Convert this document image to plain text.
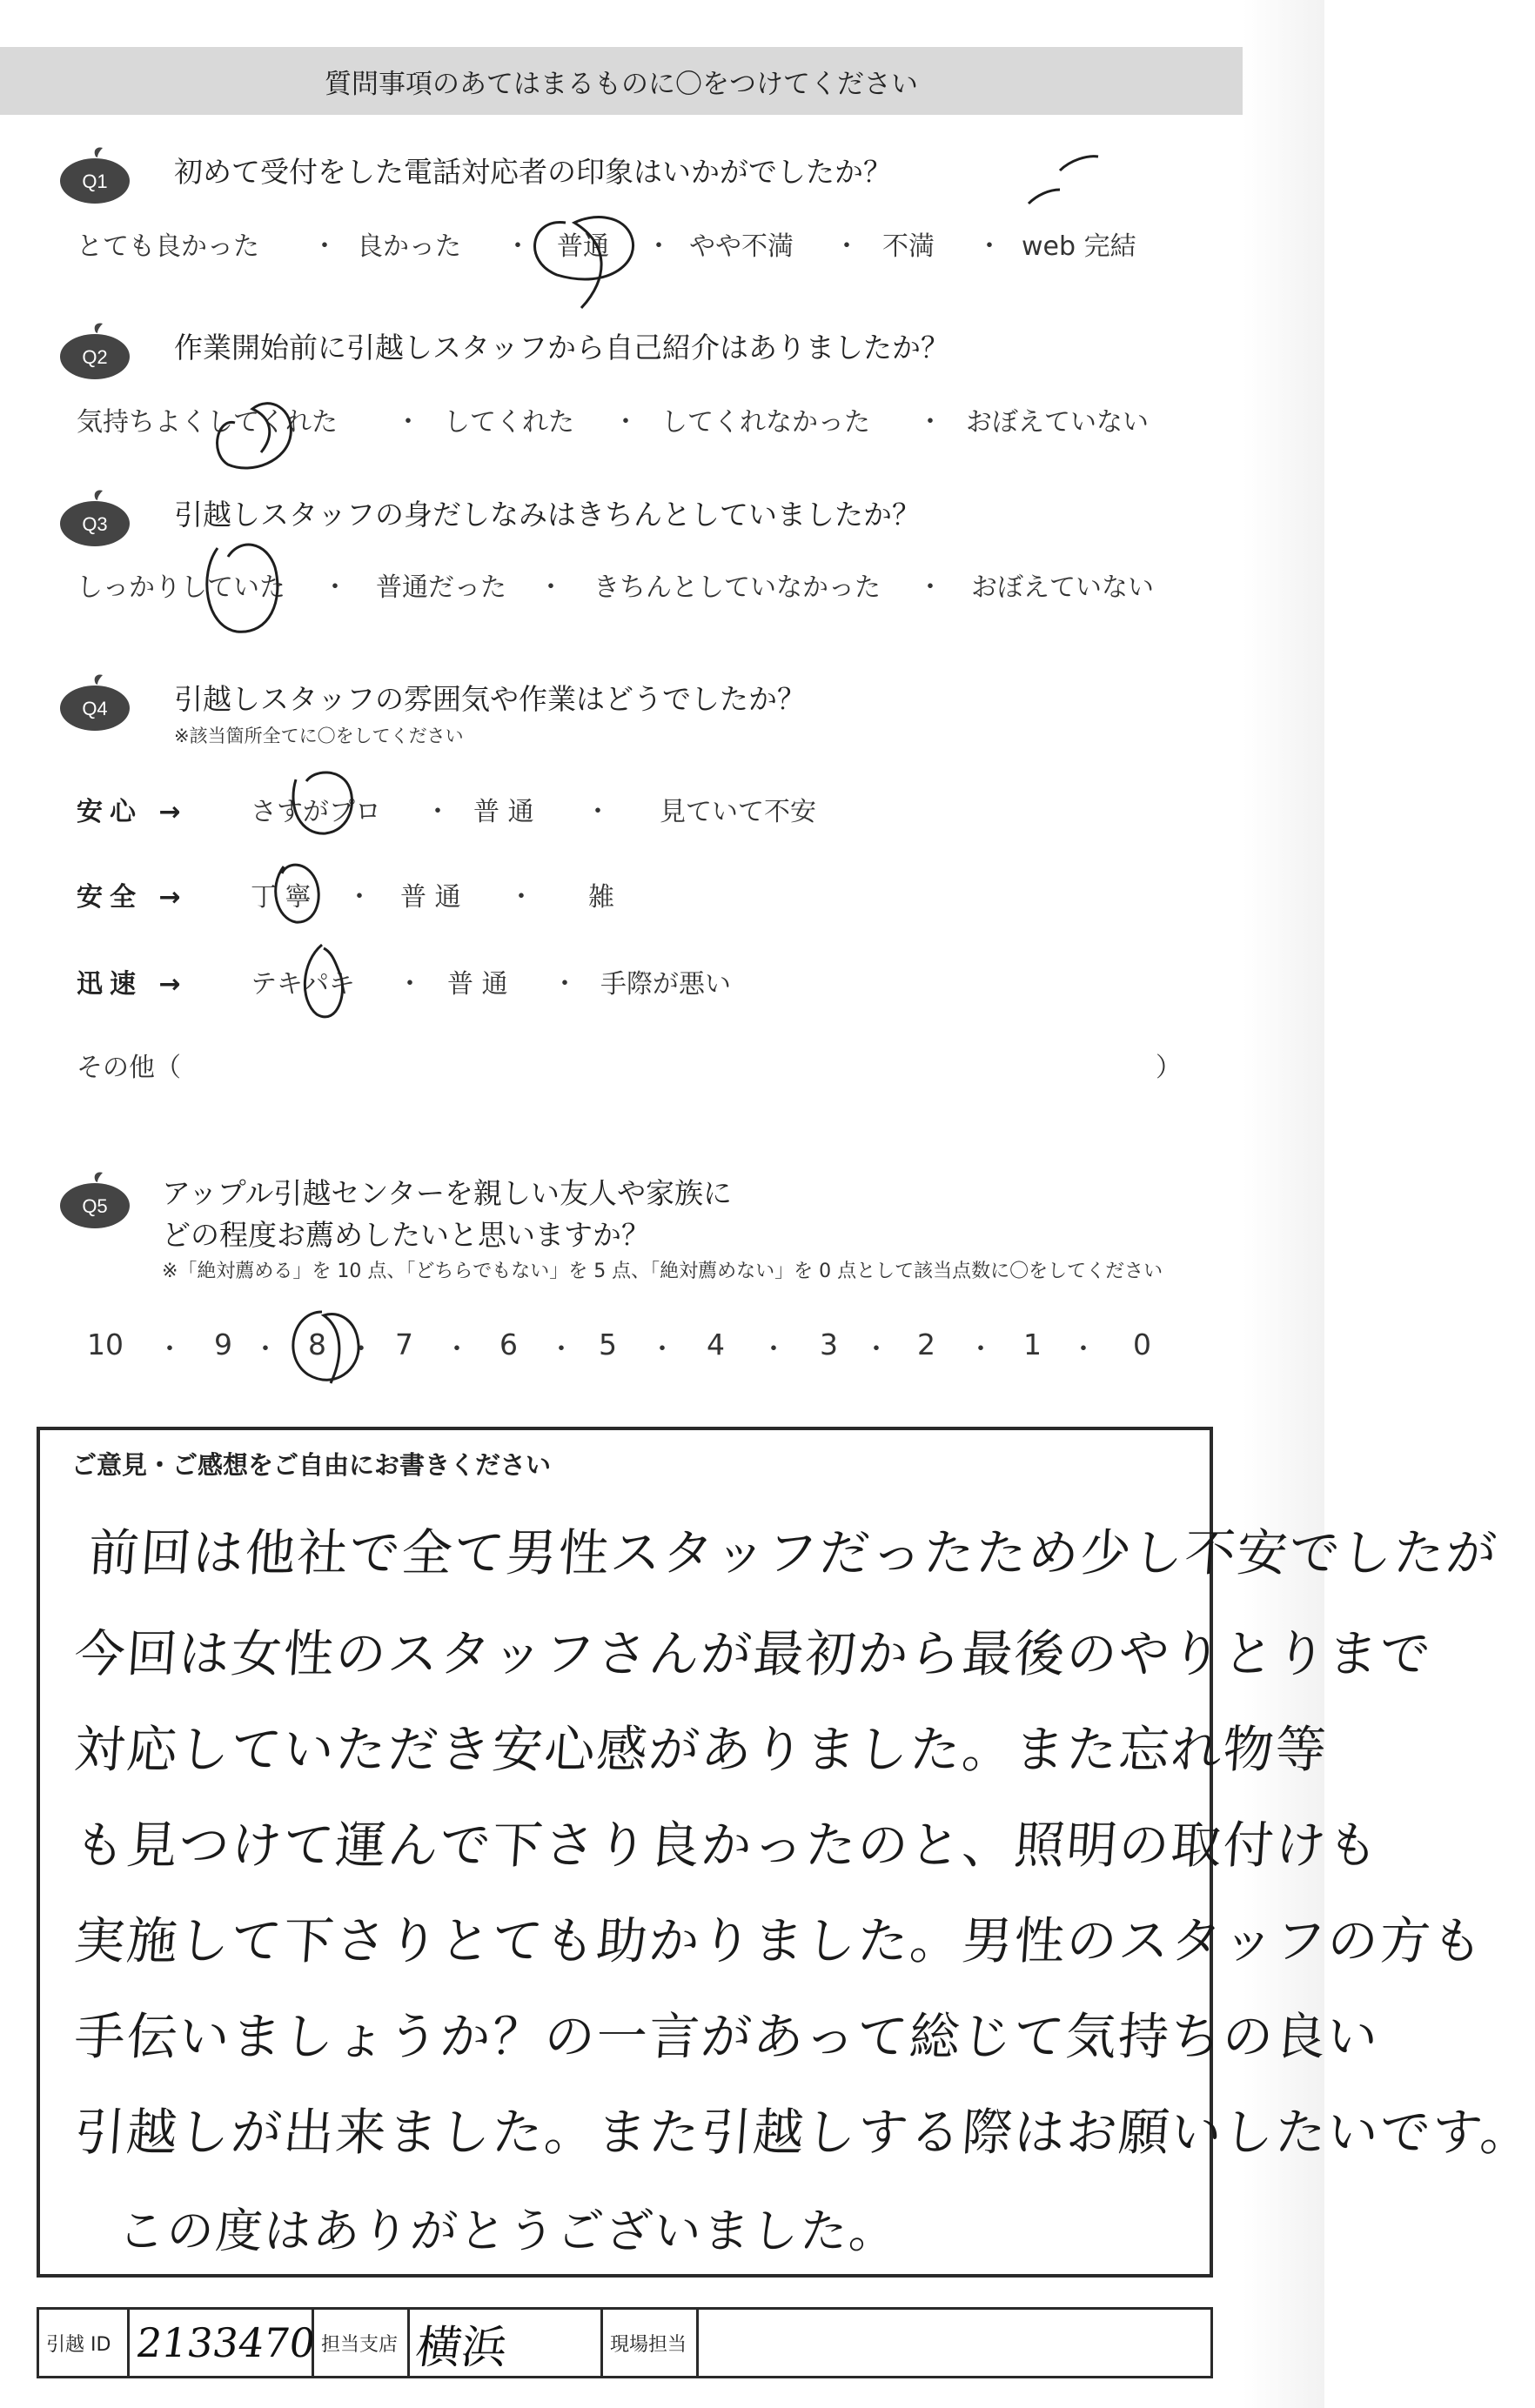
質問事項のあてはまるものに〇をつけてください
Q1 初めて受付をした電話対応者の印象はいかがでしたか？
とても良かった ・ 良かった ・ 普通 ・ やや不満 ・ 不満 ・ web 完結
Q2 作業開始前に引越しスタッフから自己紹介はありましたか？
気持ちよくしてくれた ・ してくれた ・ してくれなかった ・ おぼえていない
Q3 引越しスタッフの身だしなみはきちんとしていましたか？
しっかりしていた ・ 普通だった ・ きちんとしていなかった ・ おぼえていない
Q4 引越しスタッフの雰囲気や作業はどうでしたか？
※該当箇所全てに〇をしてください
安心 → さすがプロ ・ 普 通 ・ 見ていて不安
安全 → 丁 寧 ・ 普 通 ・ 雑
迅速 → テキパキ ・ 普 通 ・ 手際が悪い
その他（	）
Q5 アップル引越センターを親しい友人や家族に
どの程度お薦めしたいと思いますか？
※「絶対薦める」を 10 点、「どちらでもない」を 5 点、「絶対薦めない」を 0 点として該当点数に〇をしてください
10 ・ 9 ・ 8 ・ 7 ・ 6 ・ 5 ・ 4 ・ 3 ・ 2 ・ 1 ・ 0
ご意見・ご感想をご自由にお書きください
前回は他社で全て男性スタッフだったため少し不安でしたが
今回は女性のスタッフさんが最初から最後のやりとりまで
対応していただき安心感がありました。また忘れ物等
も見つけて運んで下さり良かったのと、照明の取付けも
実施して下さりとても助かりました。男性のスタッフの方も
手伝いましょうか？の一言があって総じて気持ちの良い
引越しが出来ました。また引越しする際はお願いしたいです。
この度はありがとうございました。
引越 ID 2133470 担当支店 横浜	現場担当
